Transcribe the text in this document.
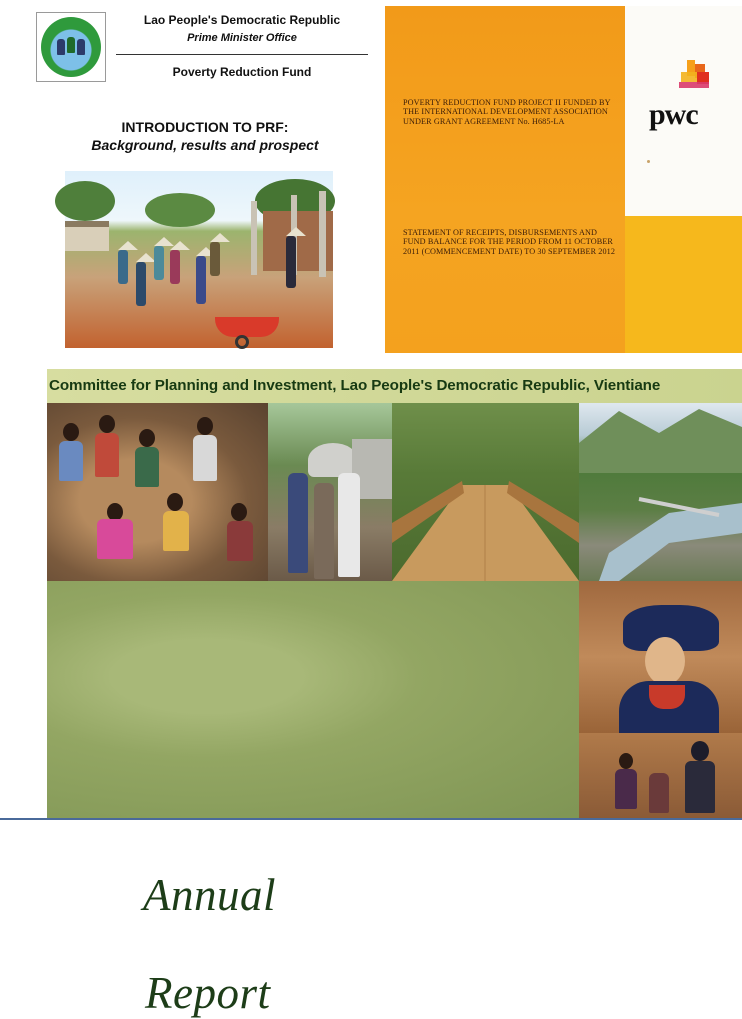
Lao People's Democratic Republic
Prime Minister Office
Poverty Reduction Fund
INTRODUCTION TO PRF:
Background, results and prospect
POVERTY REDUCTION FUND PROJECT II FUNDED BY THE INTERNATIONAL DEVELOPMENT ASSOCIATION UNDER GRANT AGREEMENT No. H685-LA
STATEMENT OF RECEIPTS, DISBURSEMENTS AND FUND BALANCE FOR THE PERIOD FROM 11 OCTOBER 2011 (COMMENCEMENT DATE) TO 30 SEPTEMBER 2012
pwc
Committee for Planning and Investment, Lao People's Democratic Republic, Vientiane
Annual
Report
